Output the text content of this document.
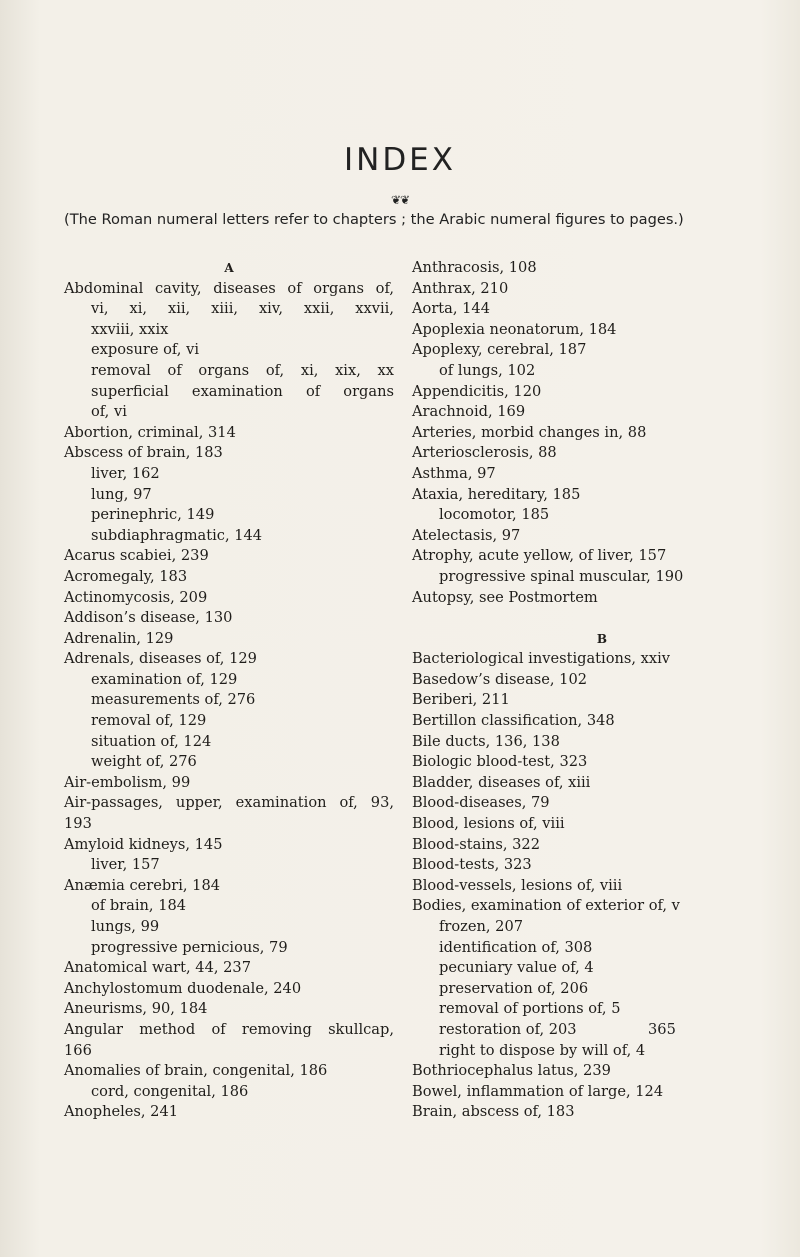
INDEX
❦❦
(The Roman numeral letters refer to chapters ; the Arabic numeral figures to pages.)
A
Abdominal cavity, diseases of organs of,
vi, xi, xii, xiii, xiv, xxii, xxvii,
xxviii, xxix
exposure of, vi
removal of organs of, xi, xix, xx
superficial examination of organs
of, vi
Abortion, criminal, 314
Abscess of brain, 183
liver, 162
lung, 97
perinephric, 149
subdiaphragmatic, 144
Acarus scabiei, 239
Acromegaly, 183
Actinomycosis, 209
Addison’s disease, 130
Adrenalin, 129
Adrenals, diseases of, 129
examination of, 129
measurements of, 276
removal of, 129
situation of, 124
weight of, 276
Air-embolism, 99
Air-passages, upper, examination of, 93,
193
Amyloid kidneys, 145
liver, 157
Anæmia cerebri, 184
of brain, 184
lungs, 99
progressive pernicious, 79
Anatomical wart, 44, 237
Anchylostomum duodenale, 240
Aneurisms, 90, 184
Angular method of removing skullcap,
166
Anomalies of brain, congenital, 186
cord, congenital, 186
Anopheles, 241
Anthracosis, 108
Anthrax, 210
Aorta, 144
Apoplexia neonatorum, 184
Apoplexy, cerebral, 187
of lungs, 102
Appendicitis, 120
Arachnoid, 169
Arteries, morbid changes in, 88
Arteriosclerosis, 88
Asthma, 97
Ataxia, hereditary, 185
locomotor, 185
Atelectasis, 97
Atrophy, acute yellow, of liver, 157
progressive spinal muscular, 190
Autopsy, see Postmortem
B
Bacteriological investigations, xxiv
Basedow’s disease, 102
Beriberi, 211
Bertillon classification, 348
Bile ducts, 136, 138
Biologic blood-test, 323
Bladder, diseases of, xiii
Blood-diseases, 79
Blood, lesions of, viii
Blood-stains, 322
Blood-tests, 323
Blood-vessels, lesions of, viii
Bodies, examination of exterior of, v
frozen, 207
identification of, 308
pecuniary value of, 4
preservation of, 206
removal of portions of, 5
restoration of, 203
right to dispose by will of, 4
Bothriocephalus latus, 239
Bowel, inflammation of large, 124
Brain, abscess of, 183
365
